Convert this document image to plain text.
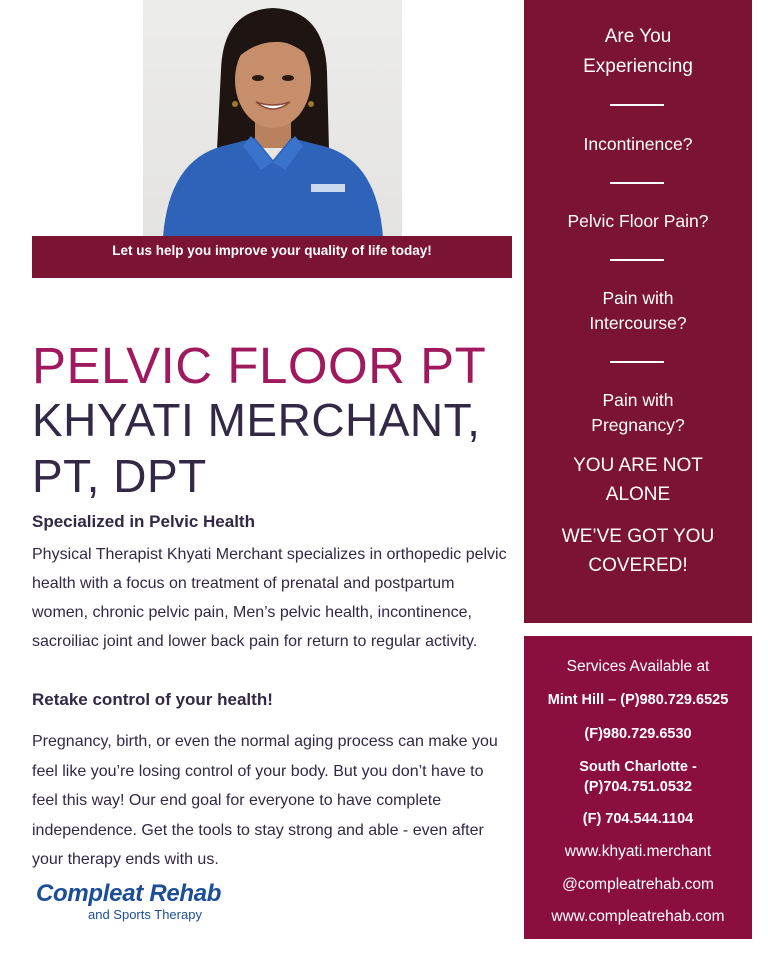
Let us help you improve your quality of life today!
PELVIC FLOOR PT
KHYATI MERCHANT,
PT, DPT
Specialized in Pelvic Health
Physical Therapist Khyati Merchant specializes in orthopedic pelvic health with a focus on treatment of prenatal and postpartum women, chronic pelvic pain, Men’s pelvic health, incontinence, sacroiliac joint and lower back pain for return to regular activity.
Retake control of your health!
Pregnancy, birth, or even the normal aging process can make you feel like you’re losing control of your body. But you don’t have to feel this way! Our end goal for everyone to have complete independence. Get the tools to stay strong and able - even after your therapy ends with us.
Compleat Rehab
and Sports Therapy
Are You
Experiencing
Incontinence?
Pelvic Floor Pain?
Pain with
Intercourse?
Pain with
Pregnancy?
YOU ARE NOT
ALONE
WE’VE GOT YOU
COVERED!
Services Available at
Mint Hill – (P)980.729.6525
(F)980.729.6530
South Charlotte -
(P)704.751.0532
(F) 704.544.1104
www.khyati.merchant
@compleatrehab.com
www.compleatrehab.com
